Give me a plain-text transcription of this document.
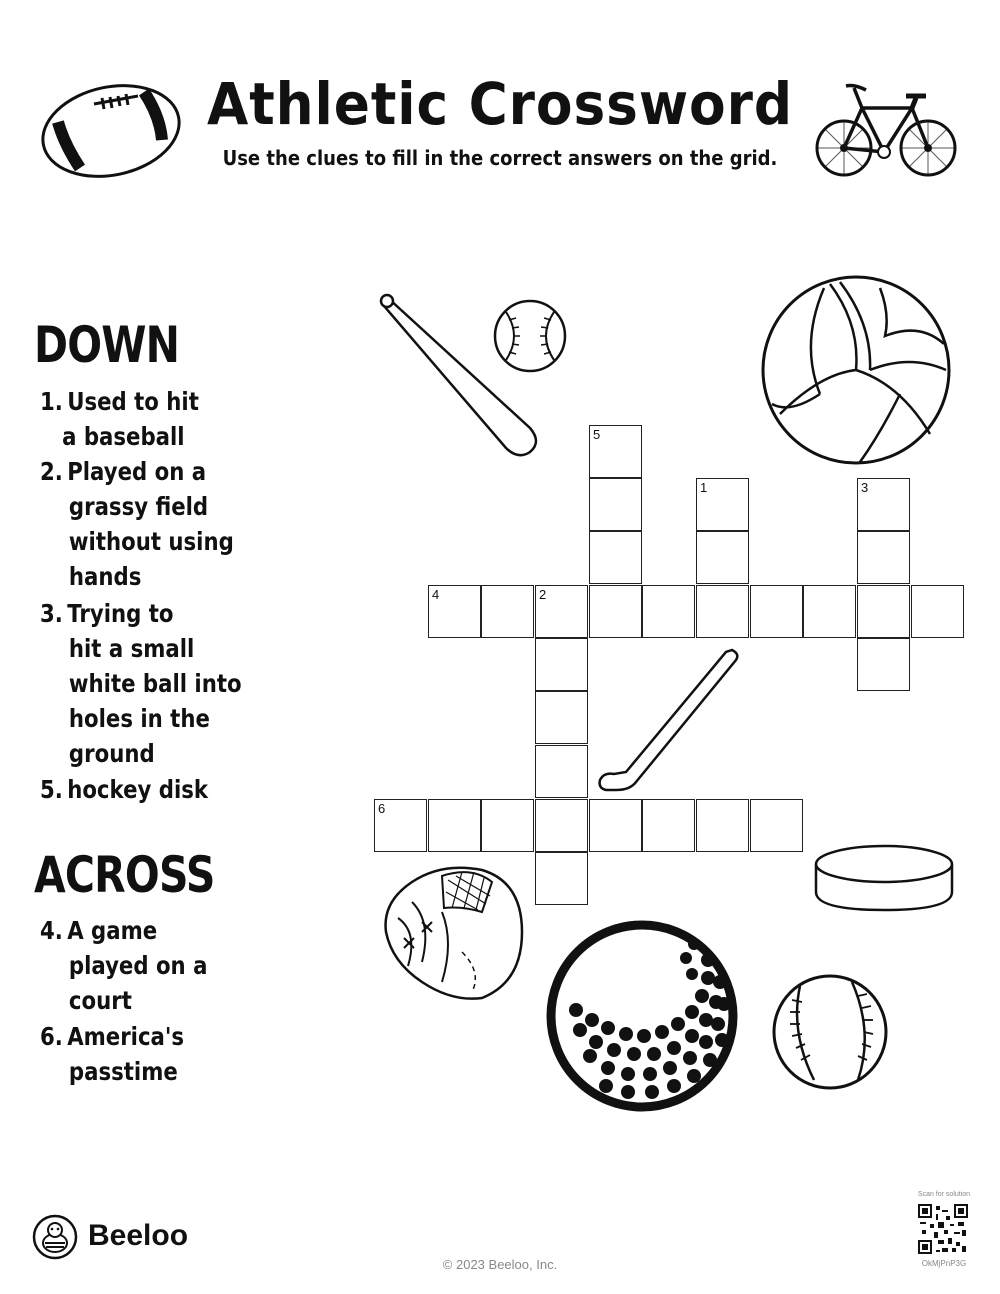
Athletic Crossword
Use the clues to fill in the correct answers on the grid.
DOWN
1. Used to hit
a baseball
2. Played on a
grassy field
without using
hands
3. Trying to
hit a small
white ball into
holes in the
ground
5. hockey disk
ACROSS
4. A game
played on a
court
6. America's
passtime
5
1	3
4	2
6
Beeloo
© 2023 Beeloo, Inc.
Scan for solution
OkMjPnP3G
